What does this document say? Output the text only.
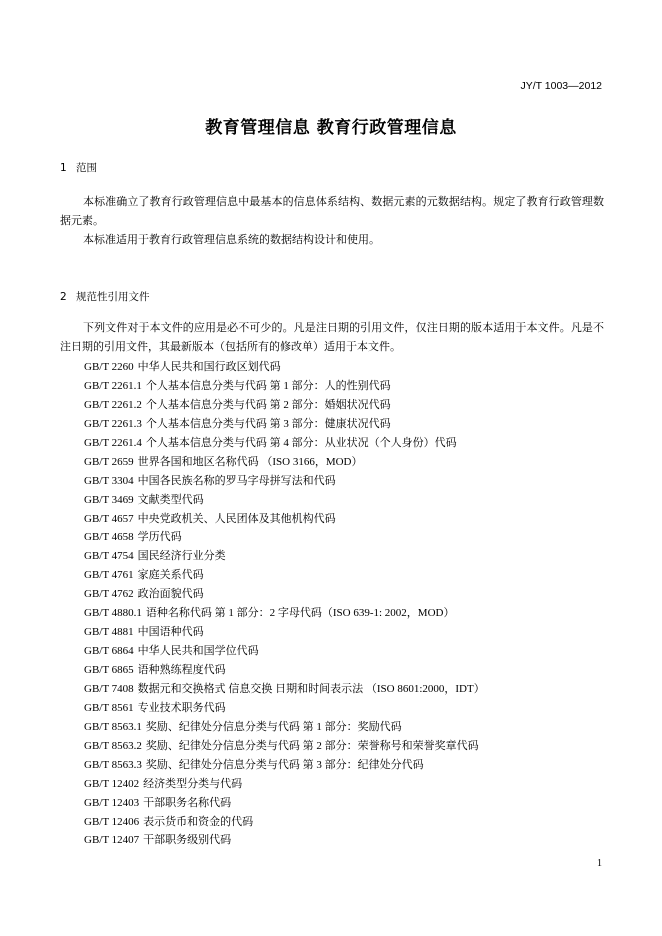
JY/T 1003—2012
教育管理信息 教育行政管理信息
1 范围
本标准确立了教育行政管理信息中最基本的信息体系结构、数据元素的元数据结构。规定了教育行政管理数据元素。
本标准适用于教育行政管理信息系统的数据结构设计和使用。
2 规范性引用文件
下列文件对于本文件的应用是必不可少的。凡是注日期的引用文件，仅注日期的版本适用于本文件。凡是不注日期的引用文件，其最新版本（包括所有的修改单）适用于本文件。
GB/T 2260 中华人民共和国行政区划代码
GB/T 2261.1 个人基本信息分类与代码 第 1 部分：人的性别代码
GB/T 2261.2 个人基本信息分类与代码 第 2 部分：婚姻状况代码
GB/T 2261.3 个人基本信息分类与代码 第 3 部分：健康状况代码
GB/T 2261.4 个人基本信息分类与代码 第 4 部分：从业状况（个人身份）代码
GB/T 2659 世界各国和地区名称代码 （ISO 3166，MOD）
GB/T 3304 中国各民族名称的罗马字母拼写法和代码
GB/T 3469 文献类型代码
GB/T 4657 中央党政机关、人民团体及其他机构代码
GB/T 4658 学历代码
GB/T 4754 国民经济行业分类
GB/T 4761 家庭关系代码
GB/T 4762 政治面貌代码
GB/T 4880.1 语种名称代码 第 1 部分：2 字母代码（ISO 639-1: 2002，MOD）
GB/T 4881 中国语种代码
GB/T 6864 中华人民共和国学位代码
GB/T 6865 语种熟练程度代码
GB/T 7408 数据元和交换格式 信息交换 日期和时间表示法 （ISO 8601:2000，IDT）
GB/T 8561 专业技术职务代码
GB/T 8563.1 奖励、纪律处分信息分类与代码 第 1 部分：奖励代码
GB/T 8563.2 奖励、纪律处分信息分类与代码 第 2 部分：荣誉称号和荣誉奖章代码
GB/T 8563.3 奖励、纪律处分信息分类与代码 第 3 部分：纪律处分代码
GB/T 12402 经济类型分类与代码
GB/T 12403 干部职务名称代码
GB/T 12406 表示货币和资金的代码
GB/T 12407 干部职务级别代码
1
